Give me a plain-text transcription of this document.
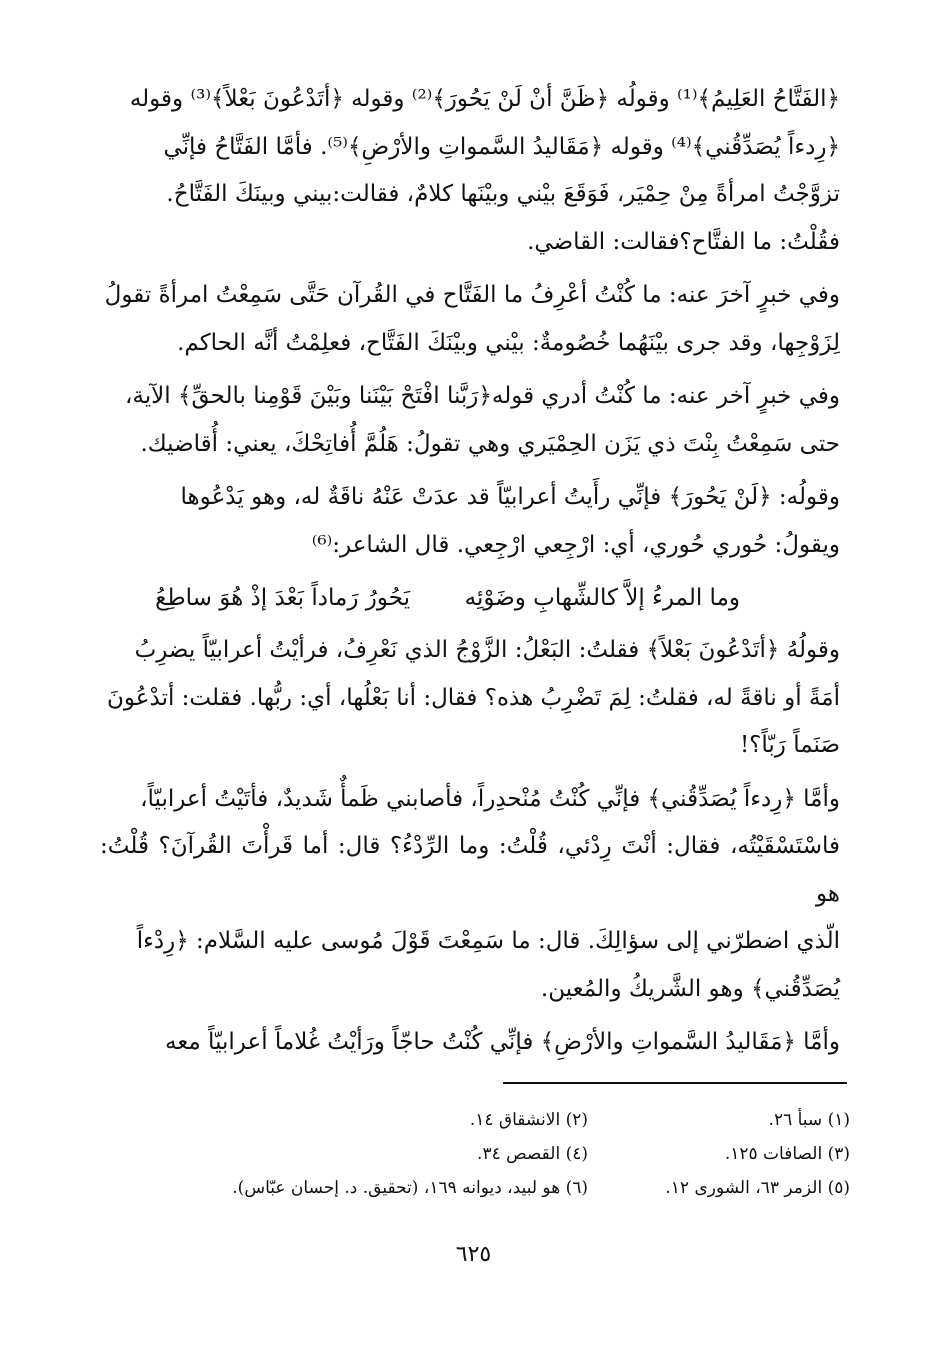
﴿الفَتَّاحُ العَلِيمُ﴾⁽¹⁾ وقولُه ﴿ظَنَّ أنْ لَنْ يَحُورَ﴾⁽²⁾ وقوله ﴿أتَدْعُونَ بَعْلاً﴾⁽³⁾ وقوله
﴿رِدءاً يُصَدِّقُني﴾⁽⁴⁾ وقوله ﴿مَقَاليدُ السَّمواتِ والأرْضِ﴾⁽⁵⁾. فأمَّا الفَتَّاحُ فإنِّي
تزوَّجْتُ امرأةً مِنْ حِمْيَر، فَوَقَعَ بيْني وبيْنَها كلامٌ، فقالت:بيني وبينَكَ الفَتَّاحُ.
فقُلْتُ: ما الفتَّاح؟فقالت: القاضي.

وفي خبرٍ آخرَ عنه: ما كُنْتُ أعْرِفُ ما الفَتَّاح في القُرآن حَتَّى سَمِعْتُ امرأةً تقولُ
لِزَوْجِها، وقد جرى بيْنَهُما خُصُومةٌ: بيْني وبيْنَكَ الفَتَّاح، فعلِمْتُ أنَّه الحاكم.

وفي خبرٍ آخر عنه: ما كُنْتُ أدري قوله﴿رَبَّنا افْتَحْ بَيْنَنا وبَيْنَ قَوْمِنا بالحقِّ﴾ الآية،
حتى سَمِعْتُ بِنْتَ ذي يَزَن الحِمْيَري وهي تقولُ: هَلُمَّ أُفاتِحْكَ، يعني: أُقاضيك.

وقولُه: ﴿لَنْ يَحُورَ﴾ فإنِّي رأَيتُ أعرابيّاً قد عدَتْ عَنْهُ ناقَةٌ له، وهو يَدْعُوها
ويقولُ: حُوري حُوري، أي: ارْجِعي ارْجِعي. قال الشاعر:⁽⁶⁾

وما المرءُ إلاَّ كالشِّهابِ وضَوْئِه
يَحُورُ رَماداً بَعْدَ إذْ هُوَ ساطِعُ

وقولُهُ ﴿أتَدْعُونَ بَعْلاً﴾ فقلتُ: البَعْلُ: الزَّوْجُ الذي نَعْرِفُ، فرأيْتُ أعرابيّاً يضرِبُ
أمَةً أو ناقةً له، فقلتُ: لِمَ تَضْرِبُ هذه؟ فقال: أنا بَعْلُها، أي: ربُّها. فقلت: أتدْعُونَ
صَنَماً رَبّاً؟!

وأمَّا ﴿رِدءاً يُصَدِّقُني﴾ فإنِّي كُنْتُ مُنْحدِراً، فأصابني ظَمأٌ شَديدٌ، فأتَيْتُ أعرابيّاً،
فاسْتَسْقَيْتُه، فقال: أنْتَ رِدْئي، قُلْتُ: وما الرِّدْءُ؟ قال: أما قَرأْتَ القُرآنَ؟ قُلْتُ: هو
الّذي اضطرّني إلى سؤالِكَ. قال: ما سَمِعْتَ قَوْلَ مُوسى عليه السَّلام: ﴿رِدْءاً
يُصَدِّقُني﴾ وهو الشَّريكُ والمُعين.

وأمَّا ﴿مَقَاليدُ السَّمواتِ والأرْضِ﴾ فإنِّي كُنْتُ حاجّاً ورَأيْتُ غُلاماً أعرابيّاً معه

(١) سبأ ٢٦.
(٢) الانشقاق ١٤.
(٣) الصافات ١٢٥.
(٤) القصص ٣٤.
(٥) الزمر ٦٣، الشورى ١٢.
(٦) هو لبيد، ديوانه ١٦٩، (تحقيق. د. إحسان عبّاس).
٦٢٥
